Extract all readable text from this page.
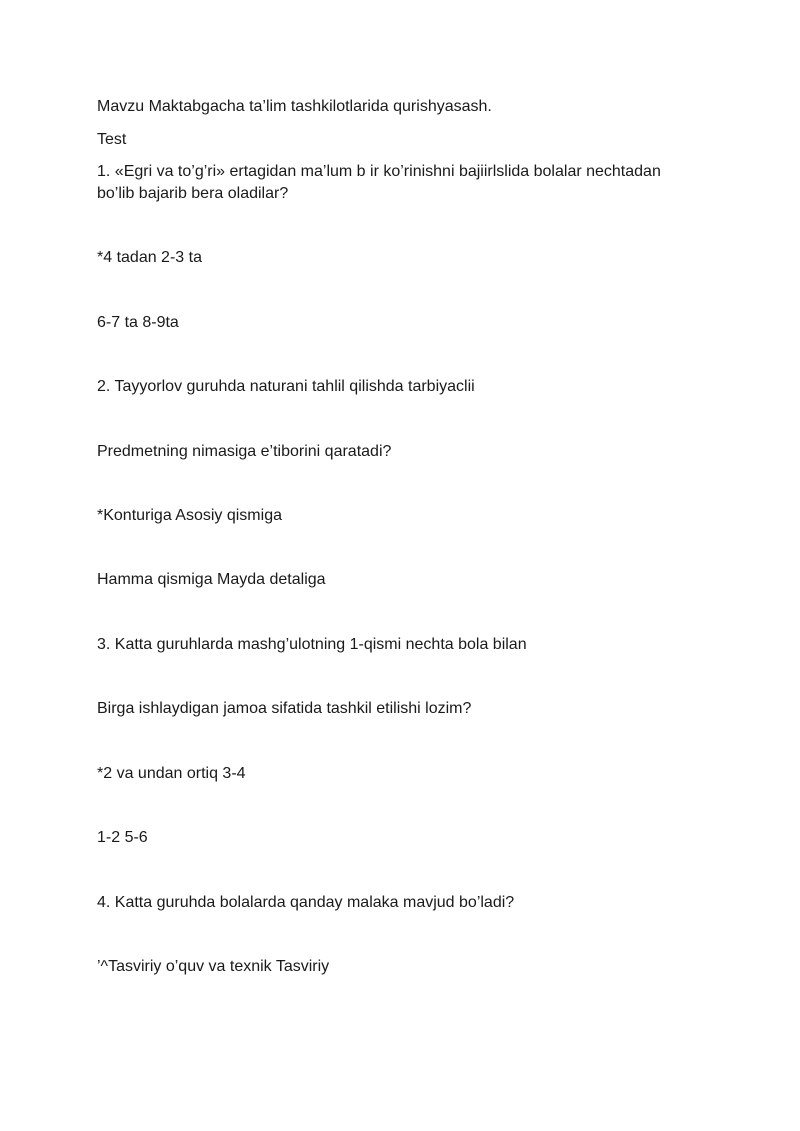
Mavzu Maktabgacha ta’lim tashkilotlarida qurishyasash.
Test
1. «Egri va to’g’ri» ertagidan ma’lum b ir ko’rinishni bajiirlslida bolalar nechtadan bo’lib bajarib bera oladilar?
*4 tadan 2-3 ta
6-7 ta 8-9ta
2. Tayyorlov guruhda naturani tahlil qilishda tarbiyaclii
Predmetning nimasiga e’tiborini qaratadi?
*Konturiga Asosiy qismiga
Hamma qismiga Mayda detaliga
3. Katta guruhlarda mashg’ulotning 1-qismi nechta bola bilan
Birga ishlaydigan jamoa sifatida tashkil etilishi lozim?
*2 va undan ortiq 3-4
1-2 5-6
4. Katta guruhda bolalarda qanday malaka mavjud bo’ladi?
’^Tasviriy o’quv va texnik Tasviriy
